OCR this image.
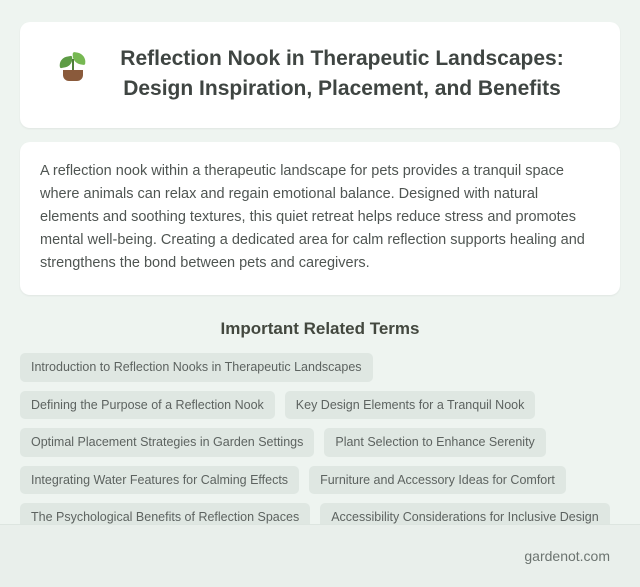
Reflection Nook in Therapeutic Landscapes: Design Inspiration, Placement, and Benefits

A reflection nook within a therapeutic landscape for pets provides a tranquil space where animals can relax and regain emotional balance. Designed with natural elements and soothing textures, this quiet retreat helps reduce stress and promotes mental well-being. Creating a dedicated area for calm reflection supports healing and strengthens the bond between pets and caregivers.

Important Related Terms
Introduction to Reflection Nooks in Therapeutic Landscapes
Defining the Purpose of a Reflection Nook	Key Design Elements for a Tranquil Nook
Optimal Placement Strategies in Garden Settings	Plant Selection to Enhance Serenity
Integrating Water Features for Calming Effects	Furniture and Accessory Ideas for Comfort
The Psychological Benefits of Reflection Spaces	Accessibility Considerations for Inclusive Design
gardenot.com
